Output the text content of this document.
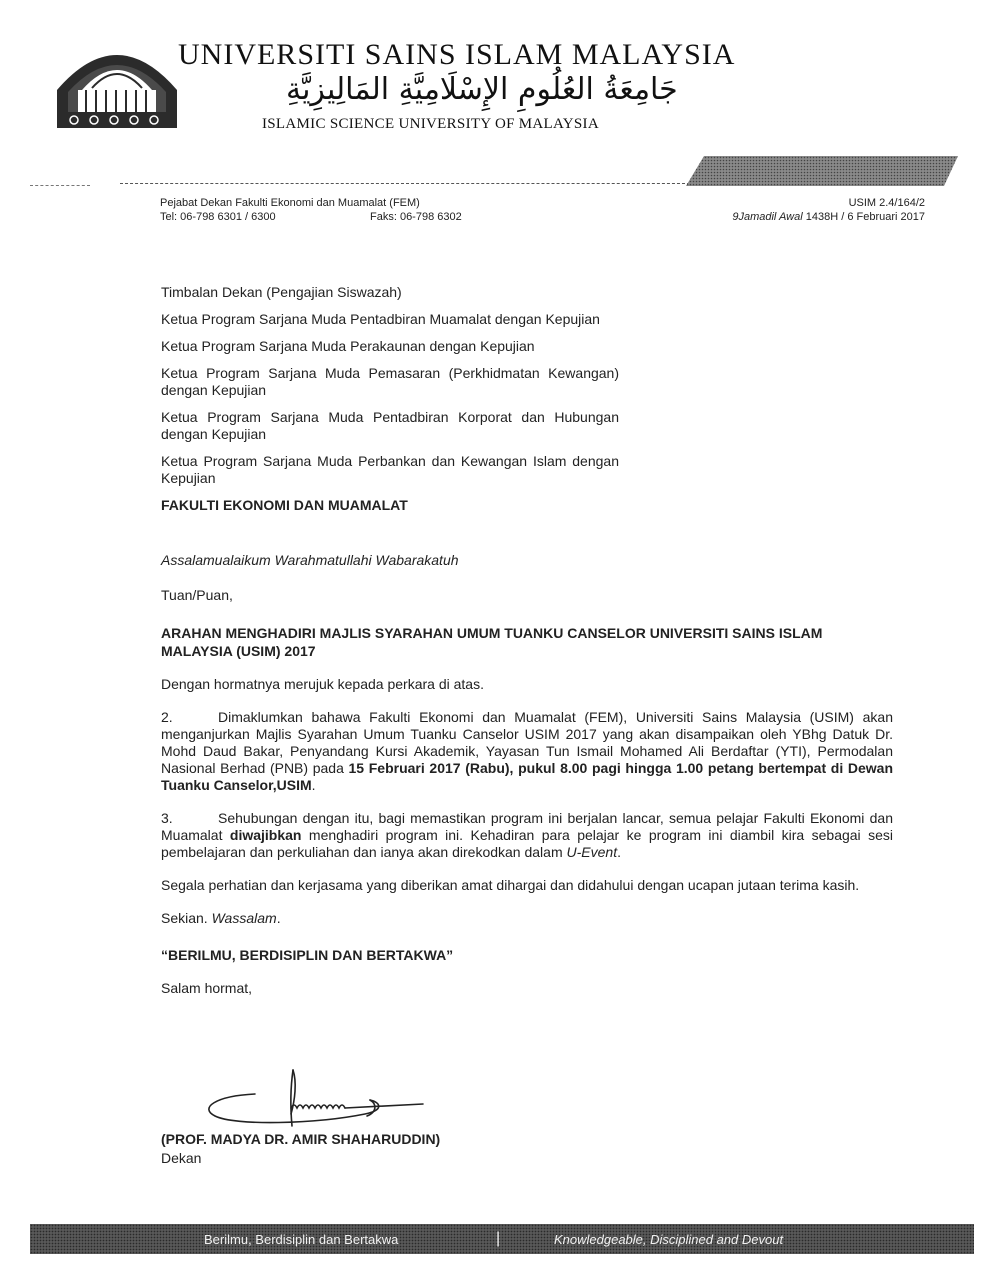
UNIVERSITI SAINS ISLAM MALAYSIA
جَامِعَةُ العُلُومِ الإِسْلَامِيَّةِ المَالِيزِيَّةِ
ISLAMIC SCIENCE UNIVERSITY OF MALAYSIA
Pejabat Dekan Fakulti Ekonomi dan Muamalat (FEM)
Tel: 06-798 6301 / 6300	Faks: 06-798 6302
USIM 2.4/164/2
9Jamadil Awal 1438H / 6 Februari 2017
Timbalan Dekan (Pengajian Siswazah)
Ketua Program Sarjana Muda Pentadbiran Muamalat dengan Kepujian
Ketua Program Sarjana Muda Perakaunan dengan Kepujian
Ketua Program Sarjana Muda Pemasaran (Perkhidmatan Kewangan) dengan Kepujian
Ketua Program Sarjana Muda Pentadbiran Korporat dan Hubungan dengan Kepujian
Ketua Program Sarjana Muda Perbankan dan Kewangan Islam dengan Kepujian
FAKULTI EKONOMI DAN MUAMALAT
Assalamualaikum Warahmatullahi Wabarakatuh
Tuan/Puan,
ARAHAN MENGHADIRI MAJLIS SYARAHAN UMUM TUANKU CANSELOR UNIVERSITI SAINS ISLAM MALAYSIA (USIM) 2017
Dengan hormatnya merujuk kepada perkara di atas.
2.	Dimaklumkan bahawa Fakulti Ekonomi dan Muamalat (FEM), Universiti Sains Malaysia (USIM) akan menganjurkan Majlis Syarahan Umum Tuanku Canselor USIM 2017 yang akan disampaikan oleh YBhg Datuk Dr. Mohd Daud Bakar, Penyandang Kursi Akademik, Yayasan Tun Ismail Mohamed Ali Berdaftar (YTI), Permodalan Nasional Berhad (PNB) pada 15 Februari 2017 (Rabu), pukul 8.00 pagi hingga 1.00 petang bertempat di Dewan Tuanku Canselor,USIM.
3.	Sehubungan dengan itu, bagi memastikan program ini berjalan lancar, semua pelajar Fakulti Ekonomi dan Muamalat diwajibkan menghadiri program ini. Kehadiran para pelajar ke program ini diambil kira sebagai sesi pembelajaran dan perkuliahan dan ianya akan direkodkan dalam U-Event.
Segala perhatian dan kerjasama yang diberikan amat dihargai dan didahului dengan ucapan jutaan terima kasih.
Sekian. Wassalam.
“BERILMU, BERDISIPLIN DAN BERTAKWA”
Salam hormat,
(PROF. MADYA DR. AMIR SHAHARUDDIN)
Dekan
Berilmu, Berdisiplin dan Bertakwa	|	Knowledgeable, Disciplined and Devout
